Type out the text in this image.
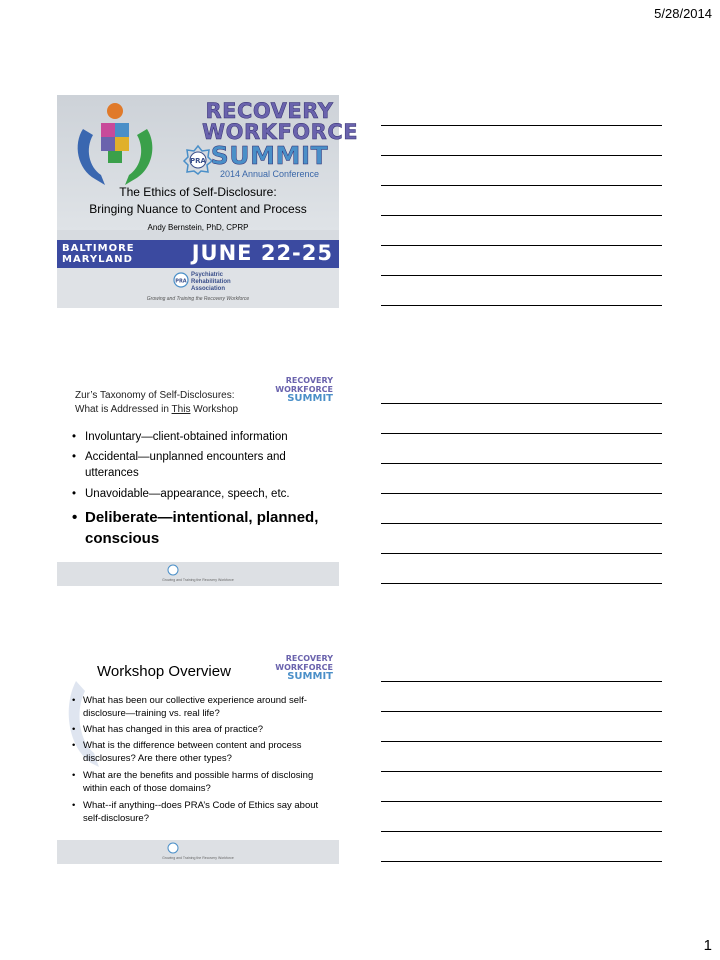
5/28/2014
PRA
RECOVERY
WORKFORCE
SUMMIT
2014 Annual Conference
The Ethics of Self-Disclosure:
Bringing Nuance to Content and Process
Andy Bernstein, PhD, CPRP
BALTIMORE
MARYLAND	JUNE 22-25
PRA
Psychiatric
Rehabilitation
Association
Growing and Training the Recovery Workforce
RECOVERY
WORKFORCE
SUMMIT
Zur’s Taxonomy of Self-Disclosures:
What is Addressed in This Workshop
• Involuntary—client-obtained information
• Accidental—unplanned encounters and utterances
• Unavoidable—appearance, speech, etc.
• Deliberate—intentional, planned, conscious
Growing and Training the Recovery Workforce
RECOVERY
WORKFORCE
SUMMIT
Workshop Overview
• What has been our collective experience around self-disclosure—training vs. real life?
• What has changed in this area of practice?
• What is the difference between content and process disclosures? Are there other types?
• What are the benefits and possible harms of disclosing within each of those domains?
• What--if anything--does PRA’s Code of Ethics say about self-disclosure?
Growing and Training the Recovery Workforce
1
